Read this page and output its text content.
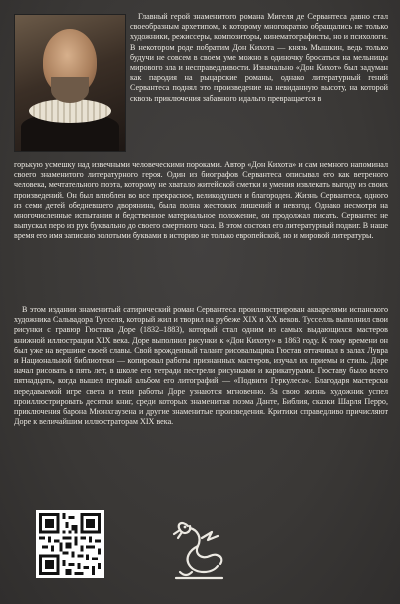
Главный герой знаменитого романа Мигеля де Сервантеса давно стал своеобразным архетипом, к которому многократно обращались не только художники, режиссеры, композиторы, кинематографисты, но и психологи. В некотором роде побратим Дон Кихота — князь Мышкин, ведь только будучи не совсем в своем уме можно в одиночку бросаться на мельницы мирового зла и несправедливости. Изначально «Дон Кихот» был задуман как пародия на рыцарские романы, однако литературный гений Сервантеса поднял это произведение на невиданную высоту, на которой сквозь приключения забавного идальго превращается в

горькую усмешку над извечными человеческими пороками. Автор «Дон Кихота» и сам немного напоминал своего знаменитого литературного героя. Один из биографов Сервантеса описывал его как ветреного человека, мечтательного поэта, которому не хватало житейской сметки и умения извлекать выгоду из своих произведений. Он был влюблен во все прекрасное, великодушен и благороден. Жизнь Сервантеса, одного из семи детей обедневшего дворянина, была полна жестоких лишений и невзгод. Однако несмотря на многочисленные испытания и бедственное материальное положение, он продолжал писать. Сервантес не выпускал перо из рук буквально до своего смертного часа. В этом состоял его литературный подвиг. В наше время его имя записано золотыми буквами в историю не только европейской, но и мировой литературы.

В этом издании знаменитый сатирический роман Сервантеса проиллюстрирован акварелями испанского художника Сальвадора Тусселя, который жил и творил на рубеже XIX и XX веков. Тусселль выполнил свои рисунки с гравюр Гюстава Доре (1832–1883), который стал одним из самых выдающихся мастеров книжной иллюстрации XIX века. Доре выполнил рисунки к «Дон Кихоту» в 1863 году. К тому времени он был уже на вершине своей славы. Свой врожденный талант рисовальщика Гюстав оттачивал в залах Лувра и Национальной библиотеки — копировал работы признанных мастеров, изучал их приемы и стиль. Доре начал рисовать в пять лет, в школе его тетради пестрели рисунками и карикатурами. Гюставу было всего пятнадцать, когда вышел первый альбом его литографий — «Подвиги Геркулеса». Благодаря мастерски передаваемой игре света и тени работы Доре узнаются мгновенно. За свою жизнь художник успел проиллюстрировать десятки книг, среди которых знаменитая поэма Данте, Библия, сказки Шарля Перро, приключения барона Мюнхгаузена и другие знаменитые произведения. Критики справедливо причисляют Доре к величайшим иллюстраторам XIX века.
